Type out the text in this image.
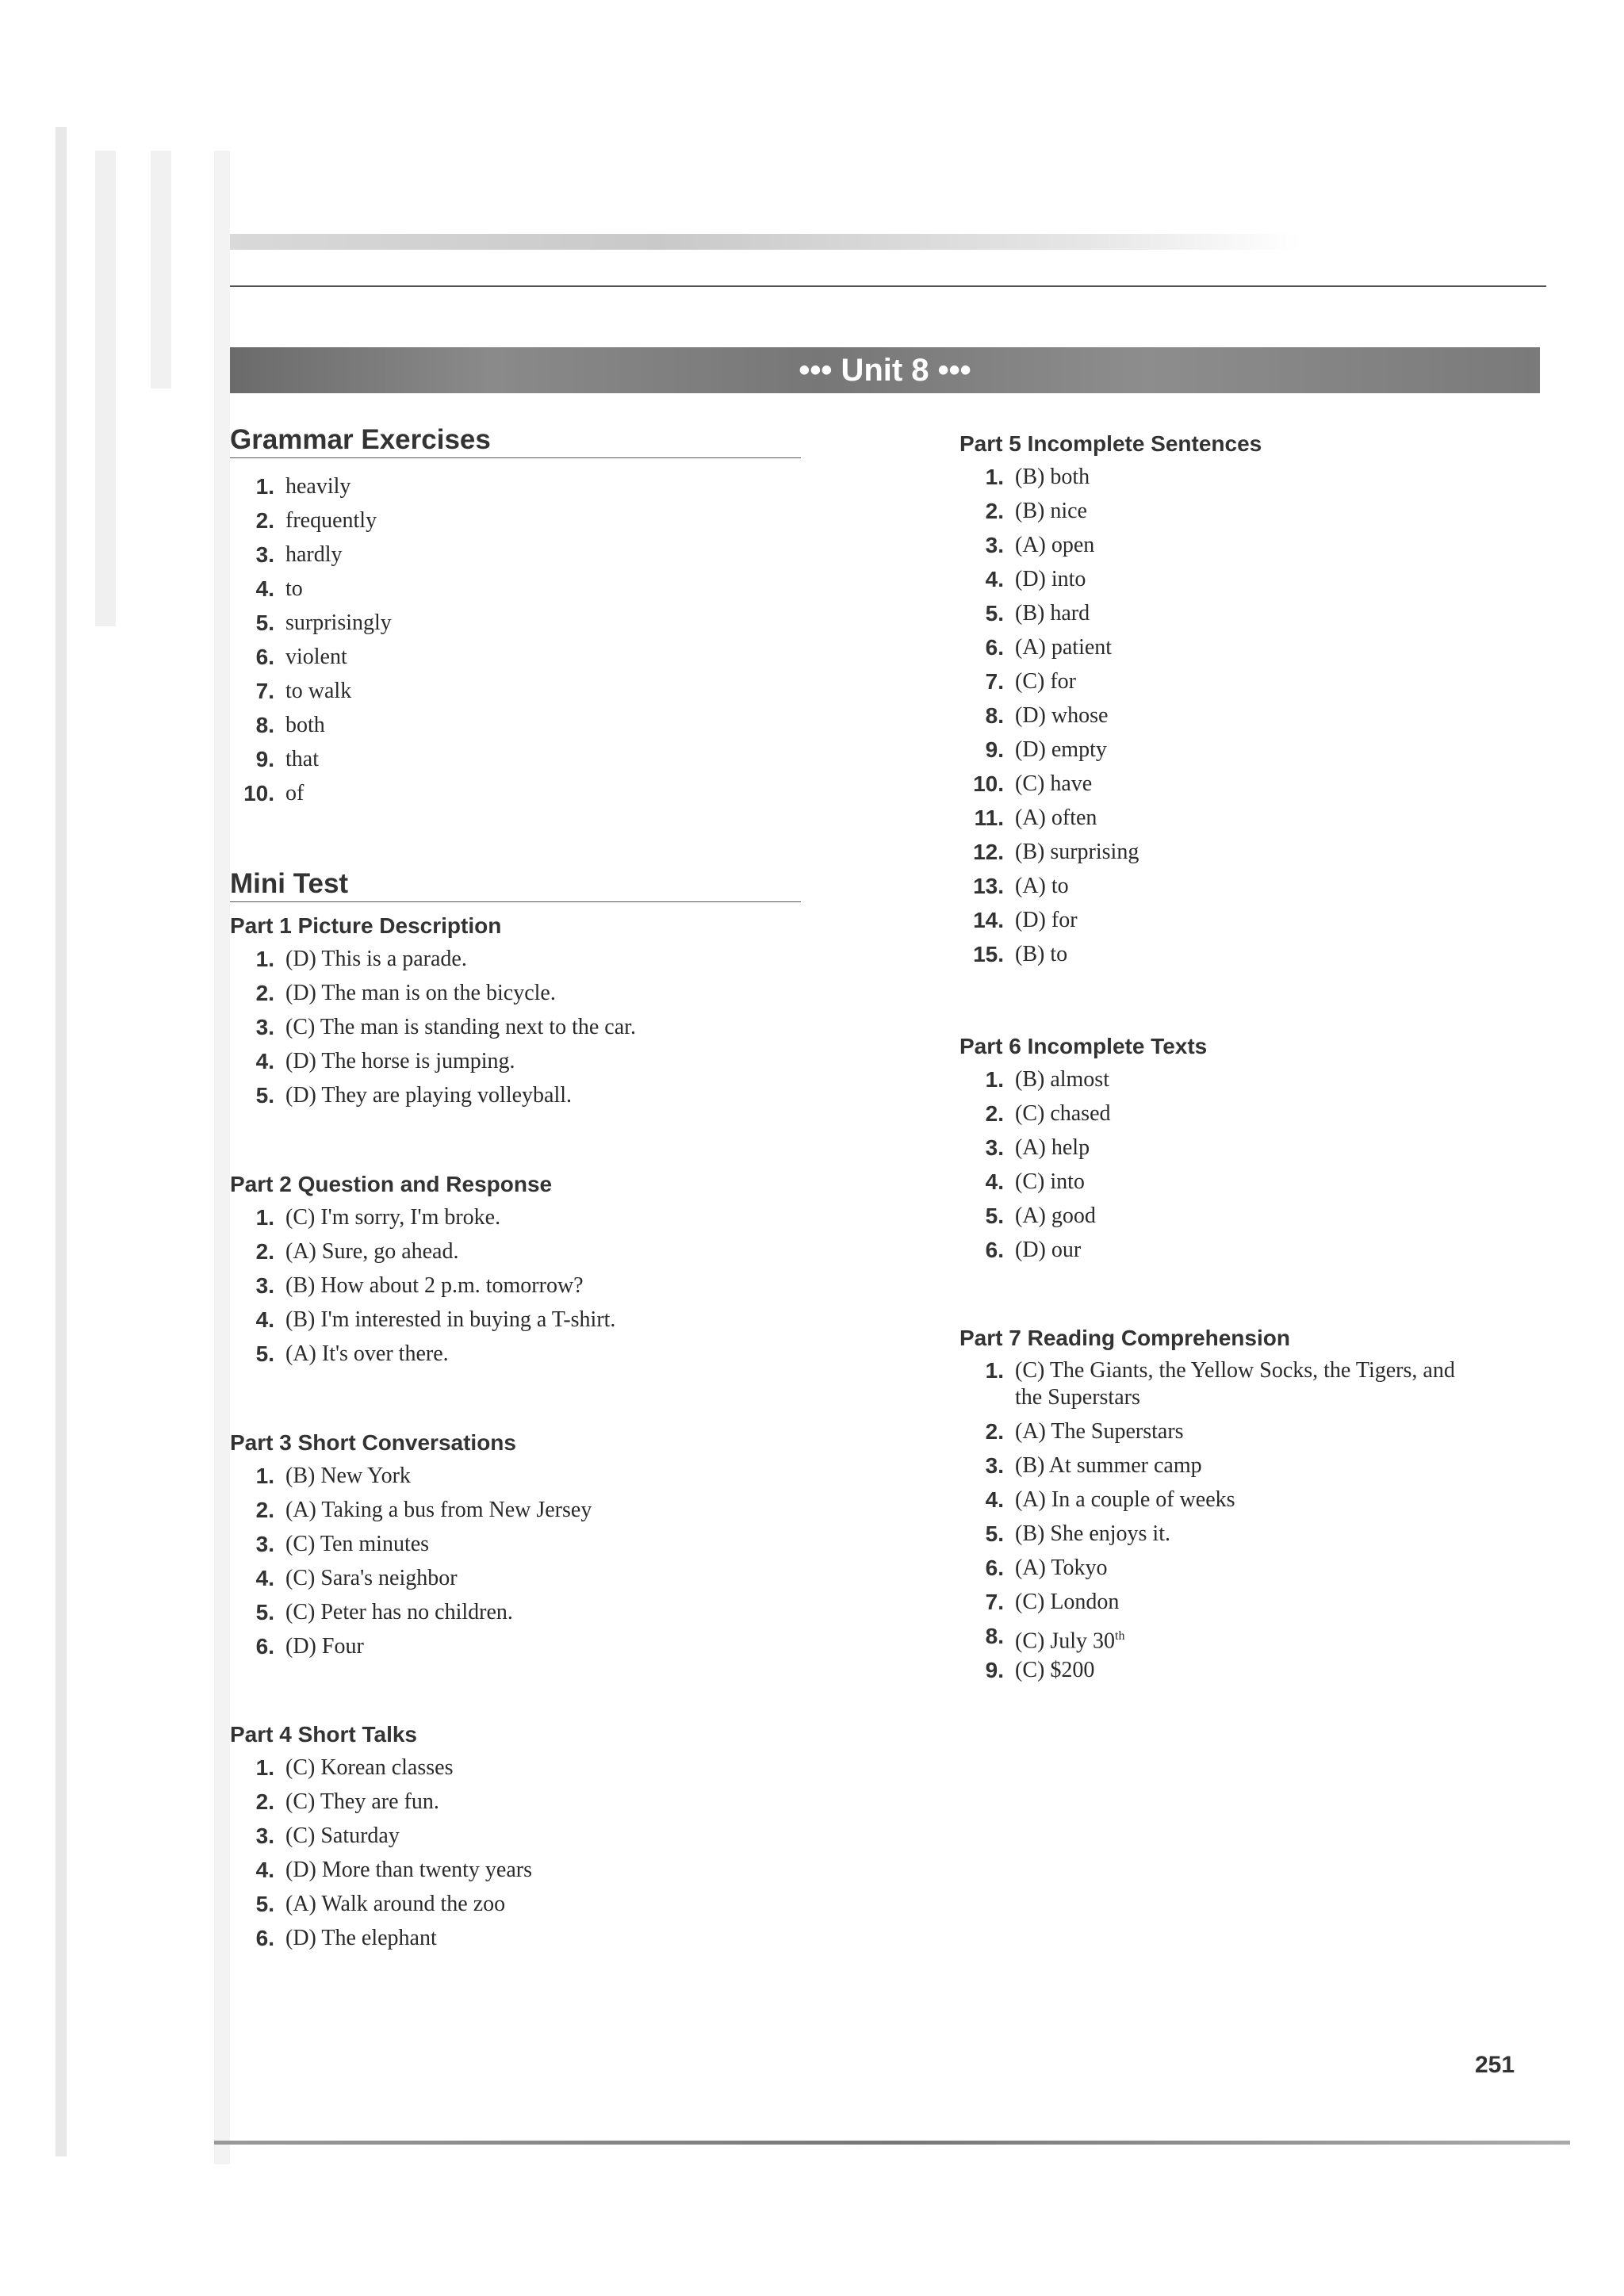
••• Unit 8 •••
Grammar Exercises
1. heavily
2. frequently
3. hardly
4. to
5. surprisingly
6. violent
7. to walk
8. both
9. that
10. of
Mini Test
Part 1 Picture Description
1. (D) This is a parade.
2. (D) The man is on the bicycle.
3. (C) The man is standing next to the car.
4. (D) The horse is jumping.
5. (D) They are playing volleyball.
Part 2 Question and Response
1. (C) I'm sorry, I'm broke.
2. (A) Sure, go ahead.
3. (B) How about 2 p.m. tomorrow?
4. (B) I'm interested in buying a T-shirt.
5. (A) It's over there.
Part 3 Short Conversations
1. (B) New York
2. (A) Taking a bus from New Jersey
3. (C) Ten minutes
4. (C) Sara's neighbor
5. (C) Peter has no children.
6. (D) Four
Part 4 Short Talks
1. (C) Korean classes
2. (C) They are fun.
3. (C) Saturday
4. (D) More than twenty years
5. (A) Walk around the zoo
6. (D) The elephant
Part 5 Incomplete Sentences
1. (B) both
2. (B) nice
3. (A) open
4. (D) into
5. (B) hard
6. (A) patient
7. (C) for
8. (D) whose
9. (D) empty
10. (C) have
11. (A) often
12. (B) surprising
13. (A) to
14. (D) for
15. (B) to
Part 6 Incomplete Texts
1. (B) almost
2. (C) chased
3. (A) help
4. (C) into
5. (A) good
6. (D) our
Part 7 Reading Comprehension
1. (C) The Giants, the Yellow Socks, the Tigers, and
the Superstars
2. (A) The Superstars
3. (B) At summer camp
4. (A) In a couple of weeks
5. (B) She enjoys it.
6. (A) Tokyo
7. (C) London
8. (C) July 30th
9. (C) $200
251
